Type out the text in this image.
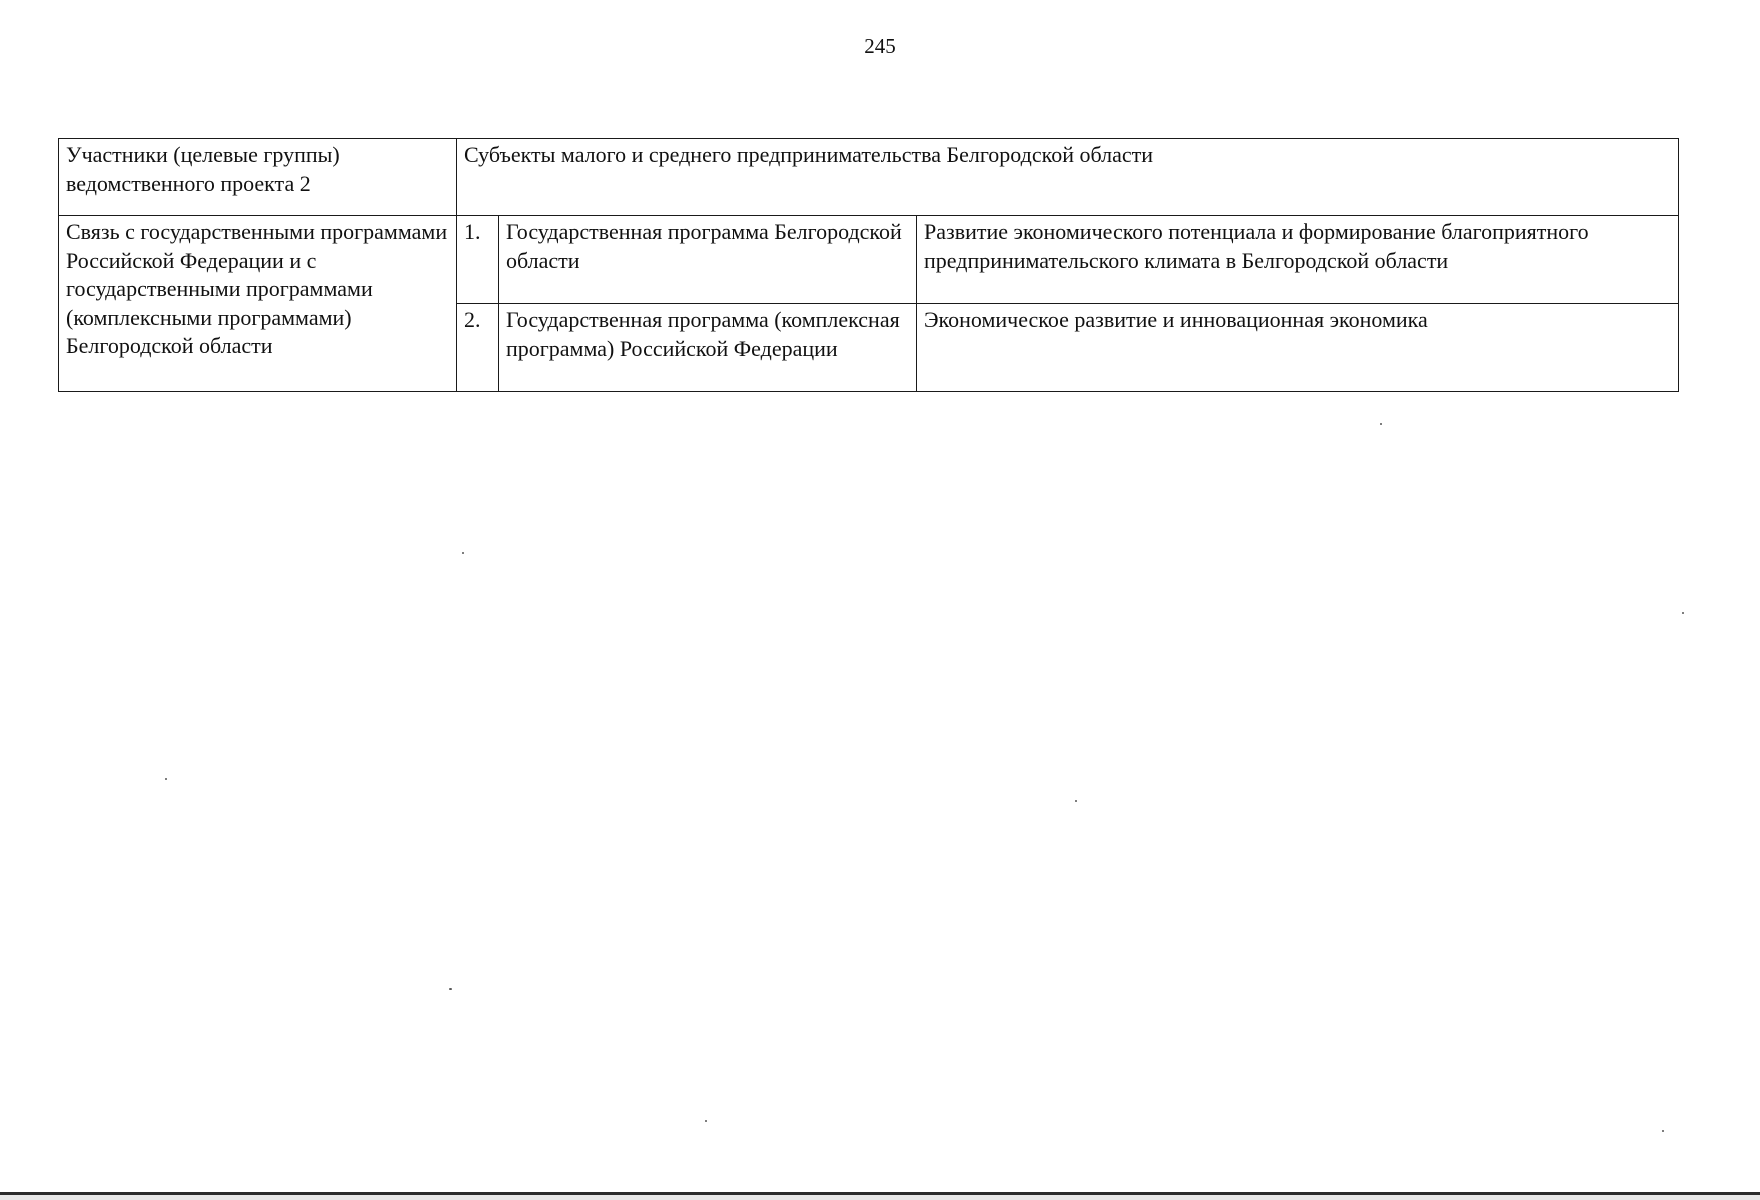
245
Участники (целевые группы) ведомственного проекта 2	Субъекты малого и среднего предпринимательства Белгородской области		
Связь с государственными программами Российской Федерации и с государственными программами (комплексными программами) Белгородской области	1.	Государственная программа Белгородской области	Развитие экономического потенциала и формирование благоприятного предпринимательского климата в Белгородской области
	2.	Государственная программа (комплексная программа) Российской Федерации	Экономическое развитие и инновационная экономика
